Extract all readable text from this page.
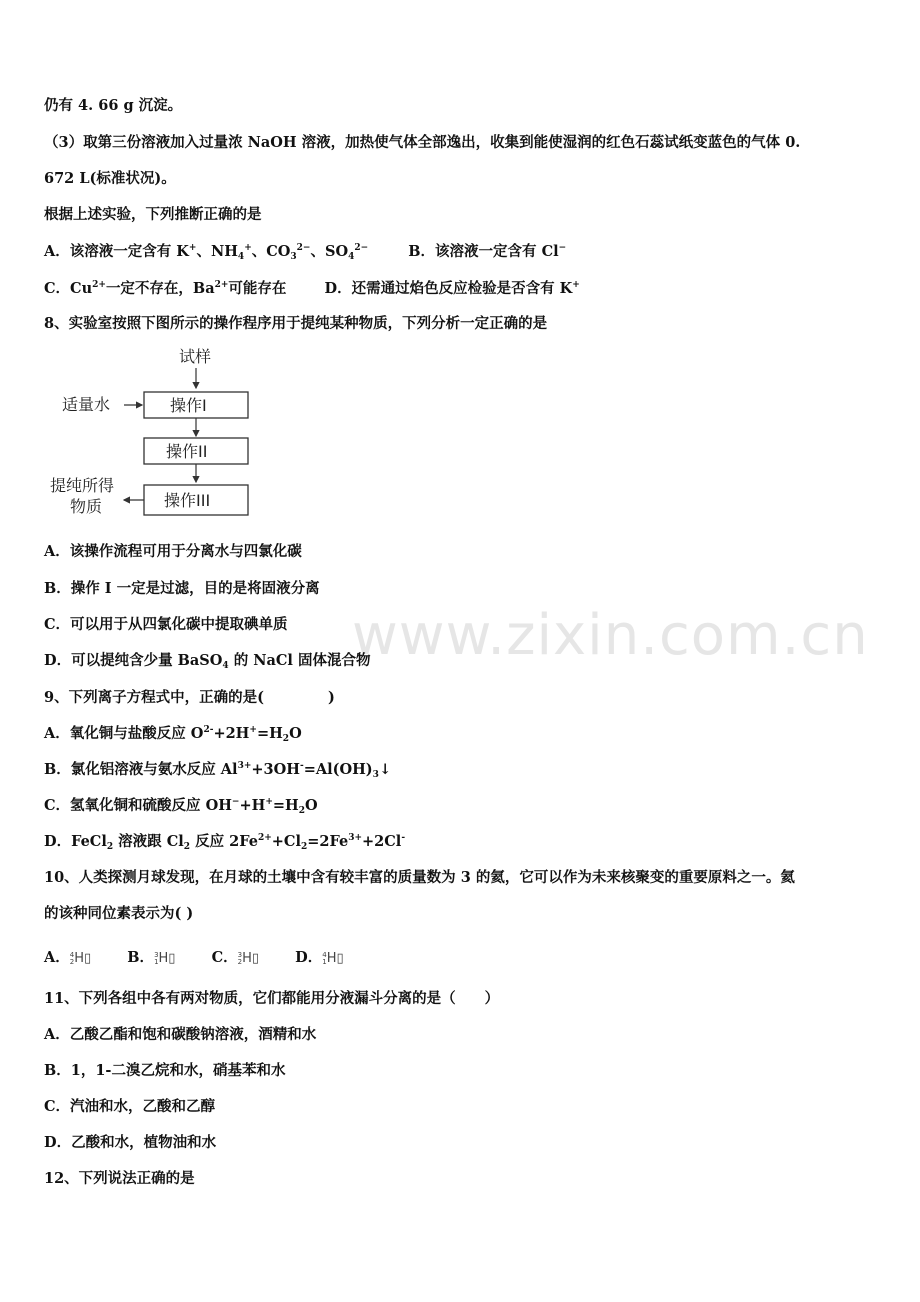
www.zixin.com.cn
仍有 4. 66 g 沉淀。
（3）取第三份溶液加入过量浓 NaOH 溶液，加热使气体全部逸出，收集到能使湿润的红色石蕊试纸变蓝色的气体 0.
672 L(标准状况)。
根据上述实验，下列推断正确的是
A．该溶液一定含有 K+、$NH_4^+$、$CO_3^{2-}$、$SO_4^{2-}$	B．该溶液一定含有 Cl−
C．$Cu^{2+}$一定不存在，$Ba^{2+}$可能存在	D．还需通过焰色反应检验是否含有 K+
8、实验室按照下图所示的操作程序用于提纯某种物质，下列分析一定正确的是
试样
适量水	操作I
操作II
操作III
提纯所得
物质
A．该操作流程可用于分离水与四氯化碳
B．操作 I 一定是过滤，目的是将固液分离
C．可以用于从四氯化碳中提取碘单质
D．可以提纯含少量 BaSO$_4$ 的 NaCl 固体混合物
9、下列离子方程式中，正确的是(	)
A．氧化铜与盐酸反应 $O^{2-}+2H^+=H_2O$
B．氯化铝溶液与氨水反应 $Al^{3+}+3OH^-=Al(OH)_3↓$
C．氢氧化铜和硫酸反应 $OH^-+H^+=H_2O$
D．FeCl$_2$ 溶液跟 $Cl_2$ 反应 $2Fe^{2+}+Cl_2=2Fe^{3+}+2Cl^-$
10、人类探测月球发现，在月球的土壤中含有较丰富的质量数为 3 的氦，它可以作为未来核聚变的重要原料之一。氦
的该种同位素表示为( )
A．4
2H▯ B．3
1H▯ C．3
2H▯ D．4
1H▯
11、下列各组中各有两对物质，它们都能用分液漏斗分离的是（　　）
A．乙酸乙酯和饱和碳酸钠溶液，酒精和水
B．1，1-二溴乙烷和水，硝基苯和水
C．汽油和水，乙酸和乙醇
D．乙酸和水，植物油和水
12、下列说法正确的是
